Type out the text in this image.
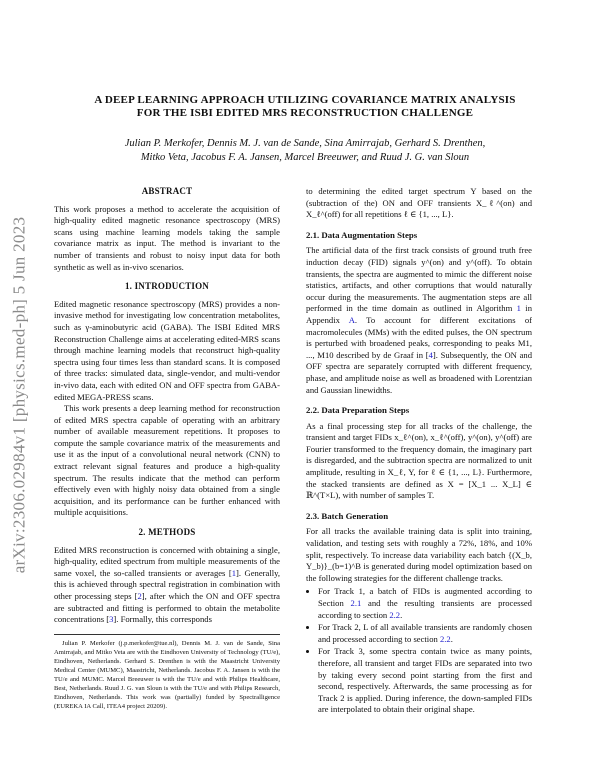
arXiv:2306.02984v1 [physics.med-ph] 5 Jun 2023
A DEEP LEARNING APPROACH UTILIZING COVARIANCE MATRIX ANALYSIS
FOR THE ISBI EDITED MRS RECONSTRUCTION CHALLENGE
Julian P. Merkofer, Dennis M. J. van de Sande, Sina Amirrajab, Gerhard S. Drenthen,
Mitko Veta, Jacobus F. A. Jansen, Marcel Breeuwer, and Ruud J. G. van Sloun
ABSTRACT

This work proposes a method to accelerate the acquisition of high-quality edited magnetic resonance spectroscopy (MRS) scans using machine learning models taking the sample covariance matrix as input. The method is invariant to the number of transients and robust to noisy input data for both synthetic as well as in-vivo scenarios.

1. INTRODUCTION

Edited magnetic resonance spectroscopy (MRS) provides a non-invasive method for investigating low concentration metabolites, such as γ-aminobutyric acid (GABA). The ISBI Edited MRS Reconstruction Challenge aims at accelerating edited-MRS scans through machine learning models that reconstruct high-quality spectra using four times less than standard scans. It is composed of three tracks: simulated data, single-vendor, and multi-vendor in-vivo data, each with edited ON and OFF spectra from GABA-edited MEGA-PRESS scans.

This work presents a deep learning method for reconstruction of edited MRS spectra capable of operating with an arbitrary number of available measurement repetitions. It proposes to compute the sample covariance matrix of the measurements and use it as the input of a convolutional neural network (CNN) to extract relevant signal features and produce a high-quality spectrum. The results indicate that the method can perform effectively even with highly noisy data obtained from a single acquisition, and its performance can be further enhanced with multiple acquisitions.

2. METHODS

Edited MRS reconstruction is concerned with obtaining a single, high-quality, edited spectrum from multiple measurements of the same voxel, the so-called transients or averages [1]. Generally, this is achieved through spectral registration in combination with other processing steps [2], after which the ON and OFF spectra are subtracted and fitting is performed to obtain the metabolite concentrations [3]. Formally, this corresponds

Julian P. Merkofer (j.p.merkofer@tue.nl), Dennis M. J. van de Sande, Sina Amirrajab, and Mitko Veta are with the Eindhoven University of Technology (TU/e), Eindhoven, Netherlands. Gerhard S. Drenthen is with the Maastricht University Medical Center (MUMC), Maastricht, Netherlands. Jacobus F. A. Jansen is with the TU/e and MUMC. Marcel Breeuwer is with the TU/e and with Philips Healthcare, Best, Netherlands. Ruud J. G. van Sloun is with the TU/e and with Philips Research, Eindhoven, Netherlands. This work was (partially) funded by Spectralligence (EUREKA IA Call, ITEA4 project 20209).

to determining the edited target spectrum Y based on the (subtraction of the) ON and OFF transients X_ℓ^(on) and X_ℓ^(off) for all repetitions ℓ ∈ {1, ..., L}.

2.1. Data Augmentation Steps

The artificial data of the first track consists of ground truth free induction decay (FID) signals y^(on) and y^(off). To obtain transients, the spectra are augmented to mimic the different noise statistics, artifacts, and other corruptions that would naturally occur during the measurements. The augmentation steps are all performed in the time domain as outlined in Algorithm 1 in Appendix A. To account for different excitations of macromolecules (MMs) with the edited pulses, the ON spectrum is perturbed with broadened peaks, corresponding to peaks M1, ..., M10 described by de Graaf in [4]. Subsequently, the ON and OFF spectra are separately corrupted with different frequency, phase, and amplitude noise as well as broadened with Lorentzian and Gaussian linewidths.

2.2. Data Preparation Steps

As a final processing step for all tracks of the challenge, the transient and target FIDs x_ℓ^(on), x_ℓ^(off), y^(on), y^(off) are Fourier transformed to the frequency domain, the imaginary part is disregarded, and the subtraction spectra are normalized to unit amplitude, resulting in X_ℓ, Y, for ℓ ∈ {1, ..., L}. Furthermore, the stacked transients are defined as X = [X_1 ... X_L] ∈ ℝ^(T×L), with number of samples T.

2.3. Batch Generation

For all tracks the available training data is split into training, validation, and testing sets with roughly a 72%, 18%, and 10% split, respectively. To increase data variability each batch {(X_b, Y_b)}_(b=1)^B is generated during model optimization based on the following strategies for the different challenge tracks.

• For Track 1, a batch of FIDs is augmented according to Section 2.1 and the resulting transients are processed according to section 2.2.
• For Track 2, L of all available transients are randomly chosen and processed according to section 2.2.
• For Track 3, some spectra contain twice as many points, therefore, all transient and target FIDs are separated into two by taking every second point starting from the first and second, respectively. Afterwards, the same processing as for Track 2 is applied. During inference, the down-sampled FIDs are interpolated to obtain their original shape.
